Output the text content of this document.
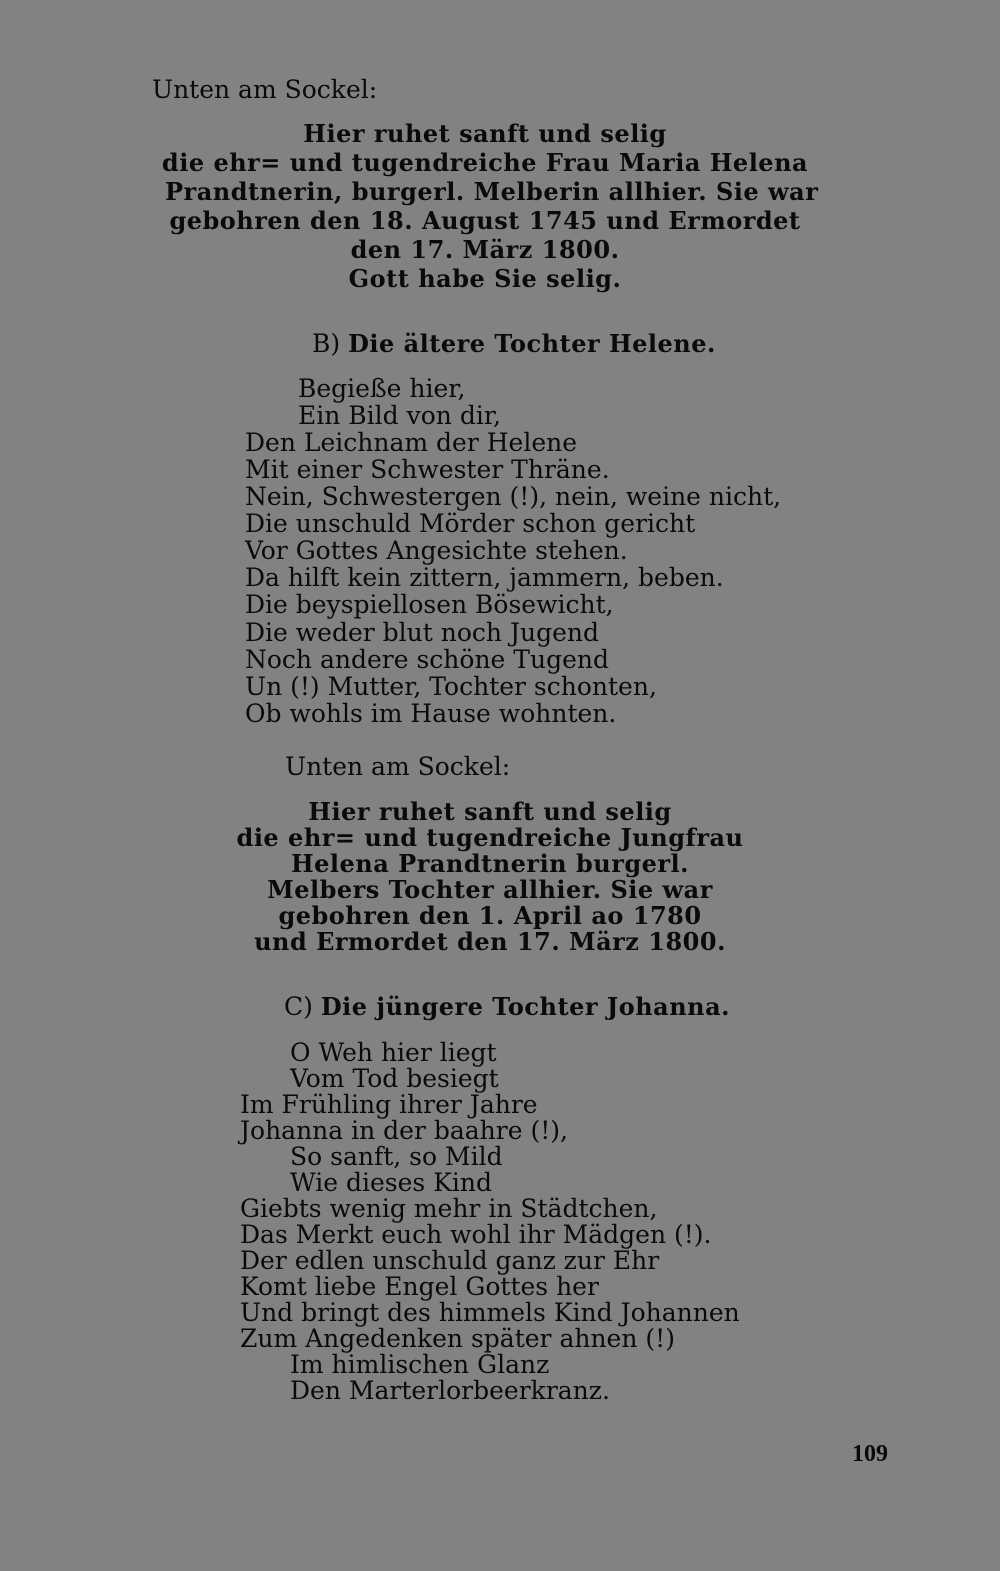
Unten am Sockel:
Hier ruhet sanft und selig
die ehr= und tugendreiche Frau Maria Helena
Prandtnerin, burgerl. Melberin allhier. Sie war
gebohren den 18. August 1745 und Ermordet
den 17. März 1800.
Gott habe Sie selig.
B) Die ältere Tochter Helene.
Begieße hier,
Ein Bild von dir,
Den Leichnam der Helene
Mit einer Schwester Thräne.
Nein, Schwestergen (!), nein, weine nicht,
Die unschuld Mörder schon gericht
Vor Gottes Angesichte stehen.
Da hilft kein zittern, jammern, beben.
Die beyspiellosen Bösewicht,
Die weder blut noch Jugend
Noch andere schöne Tugend
Un (!) Mutter, Tochter schonten,
Ob wohls im Hause wohnten.
Unten am Sockel:
Hier ruhet sanft und selig
die ehr= und tugendreiche Jungfrau
Helena Prandtnerin burgerl.
Melbers Tochter allhier. Sie war
gebohren den 1. April ao 1780
und Ermordet den 17. März 1800.
C) Die jüngere Tochter Johanna.
O Weh hier liegt
Vom Tod besiegt
Im Frühling ihrer Jahre
Johanna in der baahre (!),
So sanft, so Mild
Wie dieses Kind
Giebts wenig mehr in Städtchen,
Das Merkt euch wohl ihr Mädgen (!).
Der edlen unschuld ganz zur Ehr
Komt liebe Engel Gottes her
Und bringt des himmels Kind Johannen
Zum Angedenken später ahnen (!)
Im himlischen Glanz
Den Marterlorbeerkranz.
109
